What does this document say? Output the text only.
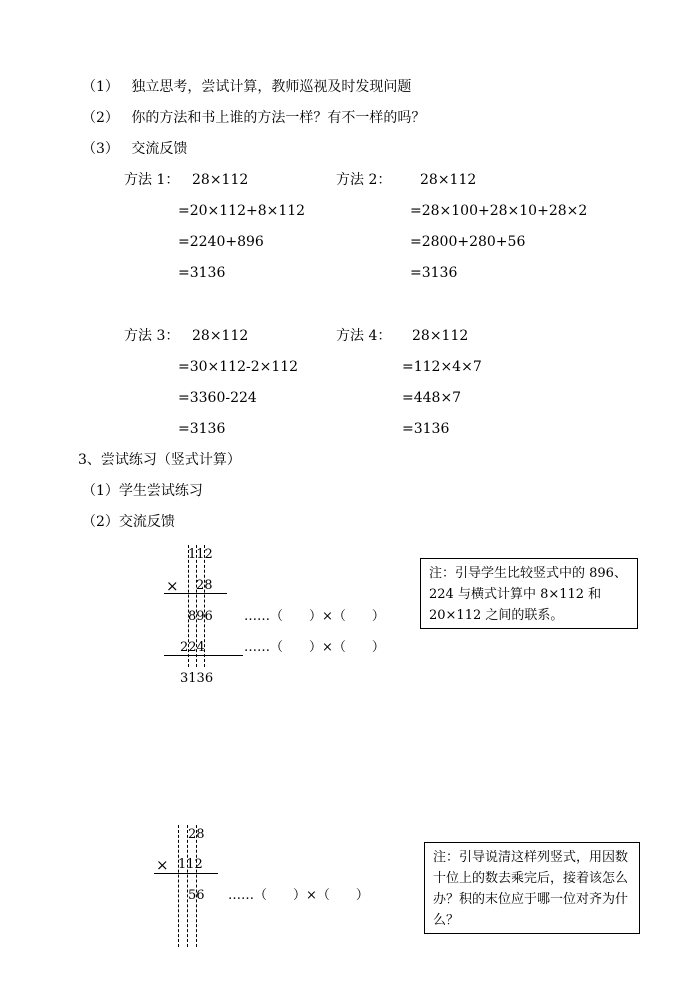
（1） 独立思考，尝试计算，教师巡视及时发现问题
（2） 你的方法和书上谁的方法一样？有不一样的吗？
（3） 交流反馈
方法 1： 28×112
=20×112+8×112
=2240+896
=3136
方法 2： 28×112
=28×100+28×10+28×2
=2800+280+56
=3136
方法 3： 28×112
=30×112-2×112
=3360-224
=3136
方法 4： 28×112
=112×4×7
=448×7
=3136
3、尝试练习（竖式计算）
（1）学生尝试练习
（2）交流反馈
112
× 28
896
224
3136
……（　　）×（　　）
……（　　）×（　　）
注：引导学生比较竖式中的 896、224 与横式计算中 8×112 和 20×112 之间的联系。
28
× 112
56 ……（　　）×（　　）
注：引导说清这样列竖式，用因数十位上的数去乘完后，接着该怎么办？积的末位应于哪一位对齐为什么？
